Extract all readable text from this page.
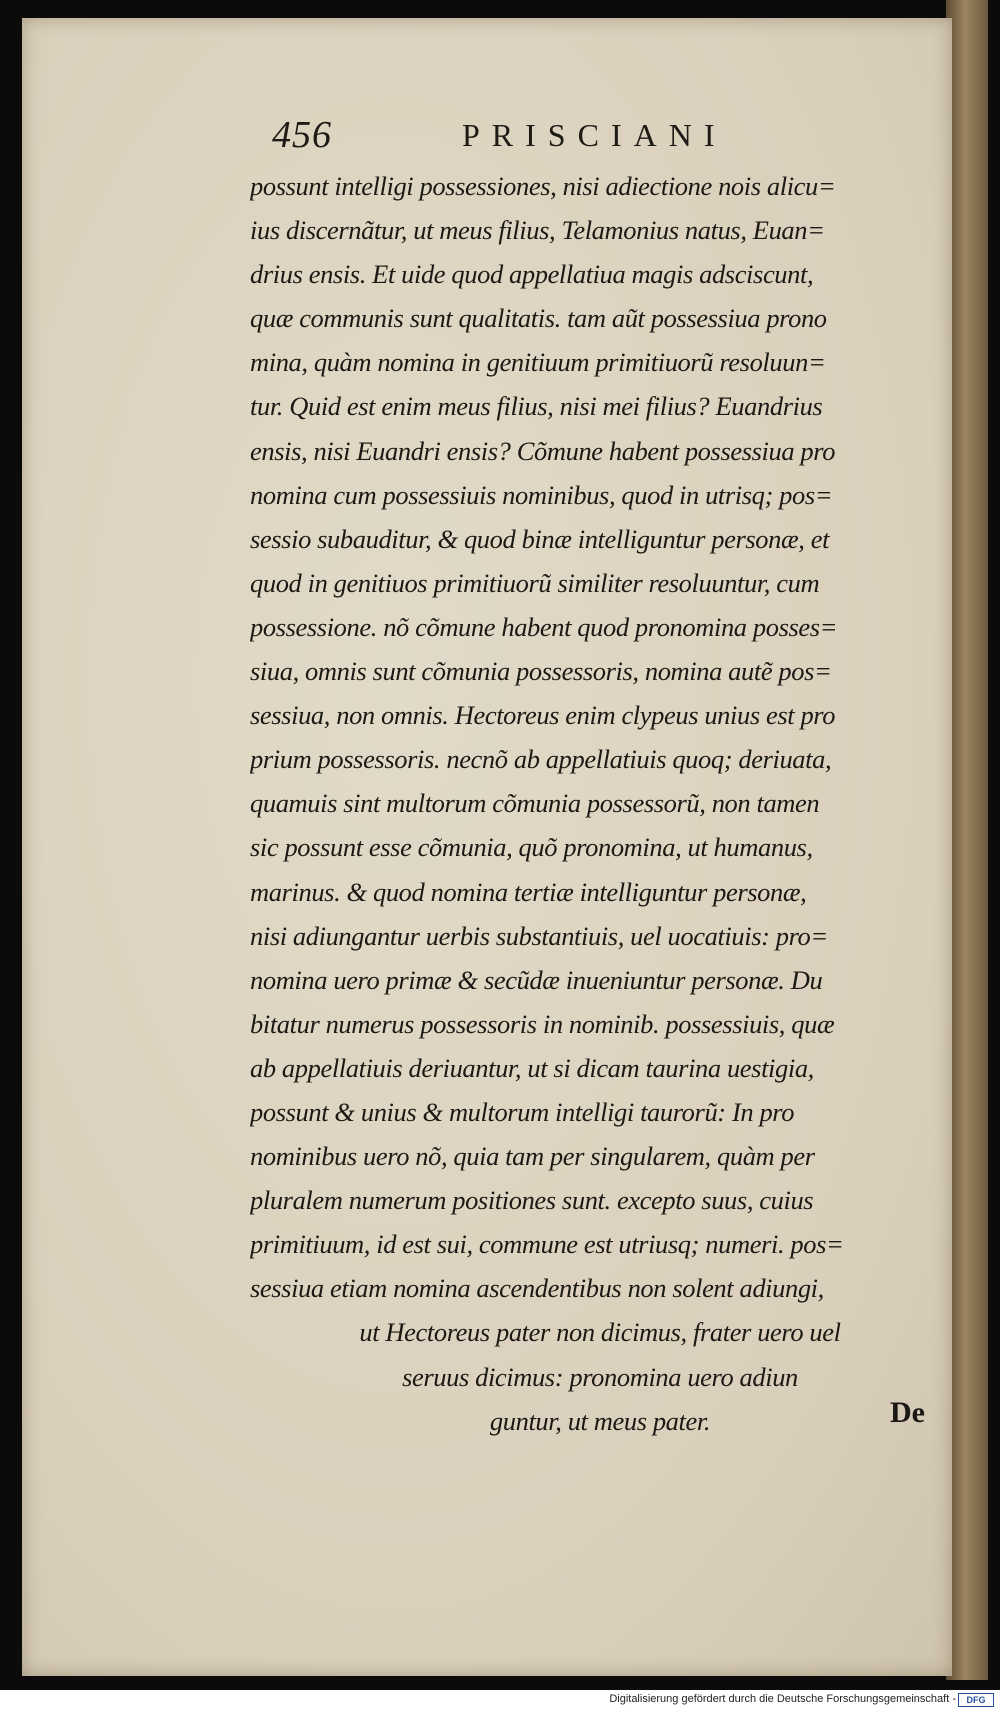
456	PRISCIANI
possunt intelligi possessiones, nisi adiectione nois alicu=
ius discernãtur, ut meus filius, Telamonius natus, Euan=
drius ensis. Et uide quod appellatiua magis adsciscunt,
quæ communis sunt qualitatis. tam aũt possessiua prono
mina, quàm nomina in genitiuum primitiuorũ resoluun=
tur. Quid est enim meus filius, nisi mei filius? Euandrius
ensis, nisi Euandri ensis? Cõmune habent possessiua pro
nomina cum possessiuis nominibus, quod in utrisq; pos=
sessio subauditur, & quod binæ intelliguntur personæ, et
quod in genitiuos primitiuorũ similiter resoluuntur, cum
possessione. nõ cõmune habent quod pronomina posses=
siua, omnis sunt cõmunia possessoris, nomina autẽ pos=
sessiua, non omnis. Hectoreus enim clypeus unius est pro
prium possessoris. necnõ ab appellatiuis quoq; deriuata,
quamuis sint multorum cõmunia possessorũ, non tamen
sic possunt esse cõmunia, quõ pronomina, ut humanus,
marinus. & quod nomina tertiæ intelliguntur personæ,
nisi adiungantur uerbis substantiuis, uel uocatiuis: pro=
nomina uero primæ & secũdæ inueniuntur personæ. Du
bitatur numerus possessoris in nominib. possessiuis, quæ
ab appellatiuis deriuantur, ut si dicam taurina uestigia,
possunt & unius & multorum intelligi taurorũ: In pro
nominibus uero nõ, quia tam per singularem, quàm per
pluralem numerum positiones sunt. excepto suus, cuius
primitiuum, id est sui, commune est utriusq; numeri. pos=
sessiua etiam nomina ascendentibus non solent adiungi,
ut Hectoreus pater non dicimus, frater uero uel
seruus dicimus: pronomina uero adiun
guntur, ut meus pater.	De
Digitalisierung gefördert durch die Deutsche Forschungsgemeinschaft -	DFG
